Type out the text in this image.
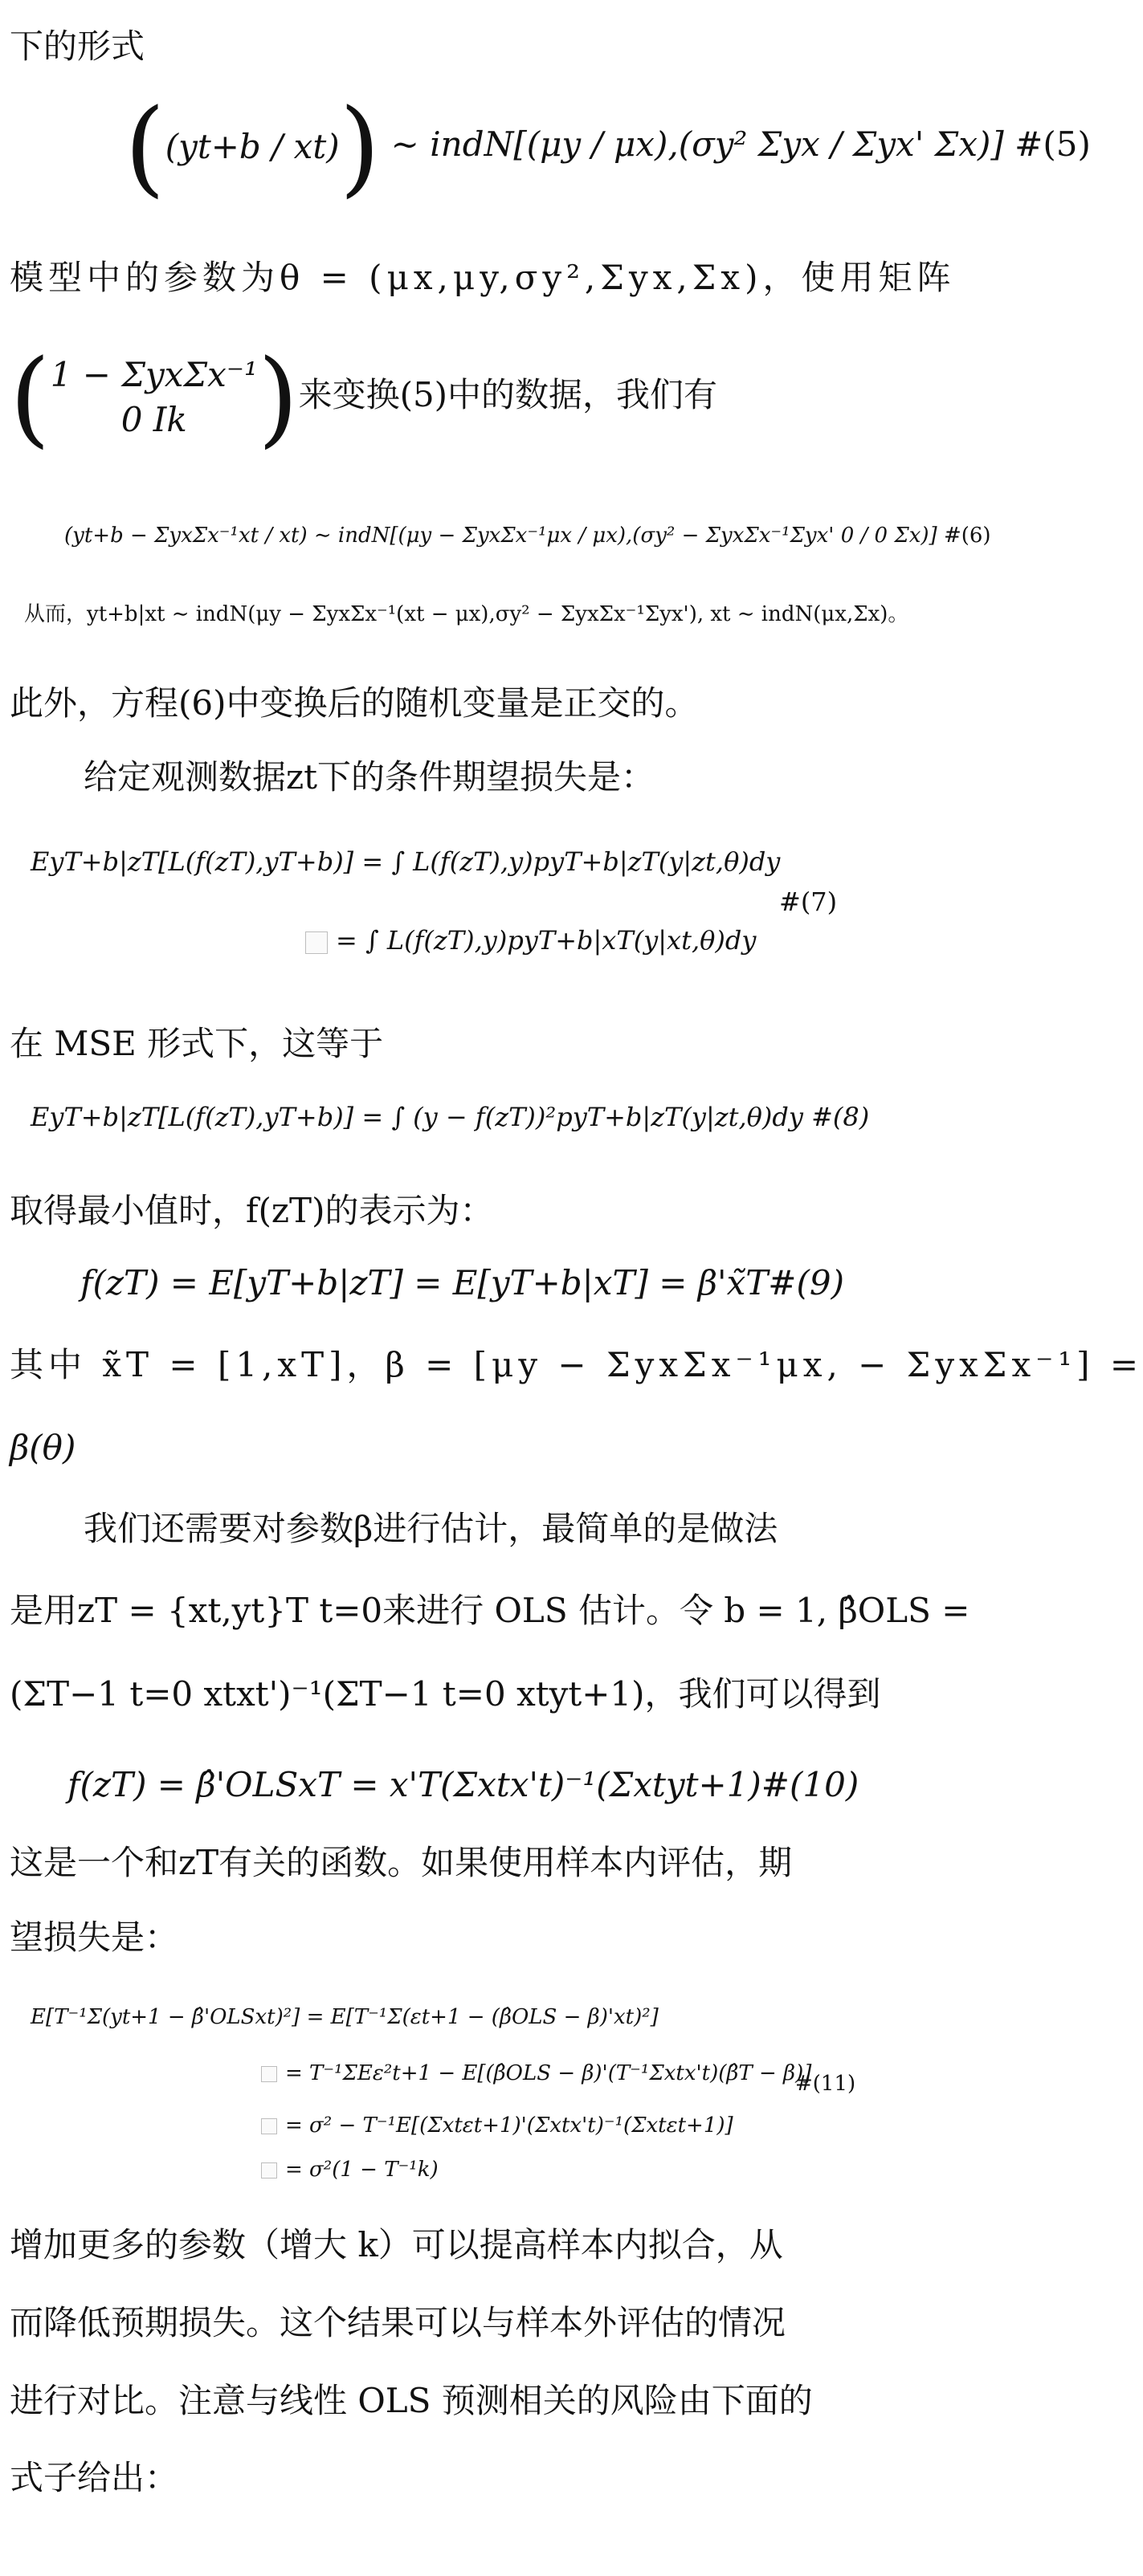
下的形式
((yt+b / xt)) ∼ indN[(μy / μx),(σy² Σyx / Σyx' Σx)] #(5)
模型中的参数为θ = (μx,μy,σy²,Σyx,Σx)，使用矩阵
( 1 − ΣyxΣx⁻¹
0 Ik )来变换(5)中的数据，我们有
(yt+b − ΣyxΣx⁻¹xt / xt) ∼ indN[(μy − ΣyxΣx⁻¹μx / μx),(σy² − ΣyxΣx⁻¹Σyx' 0 / 0 Σx)] #(6)
从而，yt+b|xt ∼ indN(μy − ΣyxΣx⁻¹(xt − μx),σy² − ΣyxΣx⁻¹Σyx'), xt ∼ indN(μx,Σx)。
此外，方程(6)中变换后的随机变量是正交的。
给定观测数据zt下的条件期望损失是：
EyT+b|zT[L(f(zT),yT+b)] = ∫ L(f(zT),y)pyT+b|zT(y|zt,θ)dy
= ∫ L(f(zT),y)pyT+b|xT(y|xt,θ)dy
#(7)
在 MSE 形式下，这等于
EyT+b|zT[L(f(zT),yT+b)] = ∫ (y − f(zT))²pyT+b|zT(y|zt,θ)dy #(8)
取得最小值时，f(zT)的表示为：
f(zT) = E[yT+b|zT] = E[yT+b|xT] = β'x̃T#(9)
其中 x̃T = [1,xT]，β = [μy − ΣyxΣx⁻¹μx, − ΣyxΣx⁻¹] =
β(θ)
我们还需要对参数β进行估计，最简单的是做法
是用zT = {xt,yt}T t=0来进行 OLS 估计。令 b = 1, β̂OLS =
(ΣT−1 t=0 xtxt')⁻¹(ΣT−1 t=0 xtyt+1)，我们可以得到
f(zT) = β̂'OLSxT = x'T(Σxtx't)⁻¹(Σxtyt+1)#(10)
这是一个和zT有关的函数。如果使用样本内评估，期
望损失是：
E[T⁻¹Σ(yt+1 − β̂'OLSxt)²] = E[T⁻¹Σ(εt+1 − (β̂OLS − β)'xt)²]
= T⁻¹ΣEε²t+1 − E[(β̂OLS − β)'(T⁻¹Σxtx't)(β̂T − β)]
#(11)
= σ² − T⁻¹E[(Σxtεt+1)'(Σxtx't)⁻¹(Σxtεt+1)]
= σ²(1 − T⁻¹k)
增加更多的参数（增大 k）可以提高样本内拟合，从
而降低预期损失。这个结果可以与样本外评估的情况
进行对比。注意与线性 OLS 预测相关的风险由下面的
式子给出：
